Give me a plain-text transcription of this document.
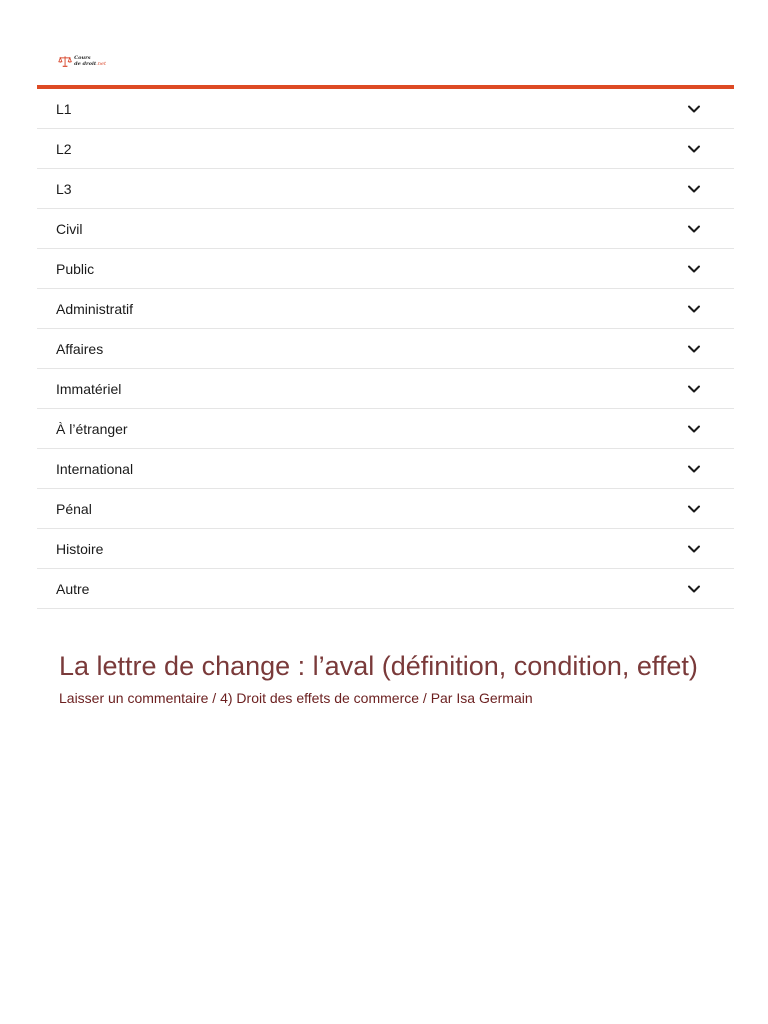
Cours
de droit.net
L1
L2
L3
Civil
Public
Administratif
Affaires
Immatériel
À l’étranger
International
Pénal
Histoire
Autre
La lettre de change : l’aval (définition, condition, effet)
Laisser un commentaire / 4) Droit des effets de commerce / Par Isa Germain
